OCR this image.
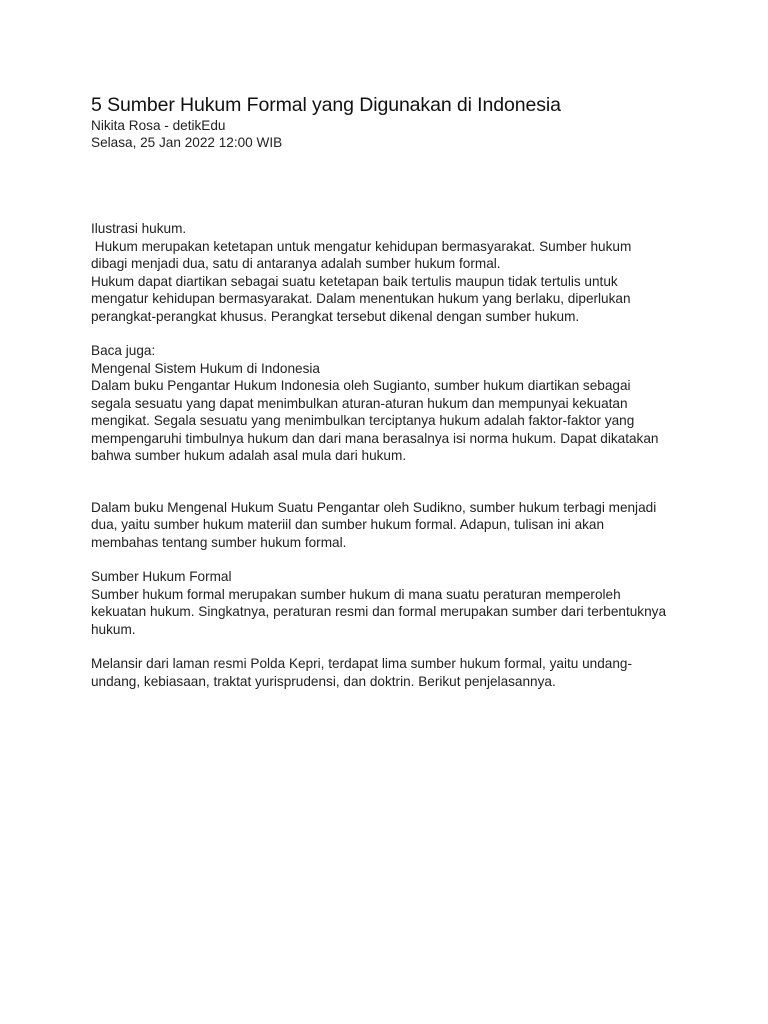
5 Sumber Hukum Formal yang Digunakan di Indonesia
Nikita Rosa - detikEdu
Selasa, 25 Jan 2022 12:00 WIB
Ilustrasi hukum.
Hukum merupakan ketetapan untuk mengatur kehidupan bermasyarakat. Sumber hukum
dibagi menjadi dua, satu di antaranya adalah sumber hukum formal.
Hukum dapat diartikan sebagai suatu ketetapan baik tertulis maupun tidak tertulis untuk
mengatur kehidupan bermasyarakat. Dalam menentukan hukum yang berlaku, diperlukan
perangkat-perangkat khusus. Perangkat tersebut dikenal dengan sumber hukum.
Baca juga:
Mengenal Sistem Hukum di Indonesia
Dalam buku Pengantar Hukum Indonesia oleh Sugianto, sumber hukum diartikan sebagai
segala sesuatu yang dapat menimbulkan aturan-aturan hukum dan mempunyai kekuatan
mengikat. Segala sesuatu yang menimbulkan terciptanya hukum adalah faktor-faktor yang
mempengaruhi timbulnya hukum dan dari mana berasalnya isi norma hukum. Dapat dikatakan
bahwa sumber hukum adalah asal mula dari hukum.
Dalam buku Mengenal Hukum Suatu Pengantar oleh Sudikno, sumber hukum terbagi menjadi
dua, yaitu sumber hukum materiil dan sumber hukum formal. Adapun, tulisan ini akan
membahas tentang sumber hukum formal.
Sumber Hukum Formal
Sumber hukum formal merupakan sumber hukum di mana suatu peraturan memperoleh
kekuatan hukum. Singkatnya, peraturan resmi dan formal merupakan sumber dari terbentuknya
hukum.
Melansir dari laman resmi Polda Kepri, terdapat lima sumber hukum formal, yaitu undang-
undang, kebiasaan, traktat yurisprudensi, dan doktrin. Berikut penjelasannya.
